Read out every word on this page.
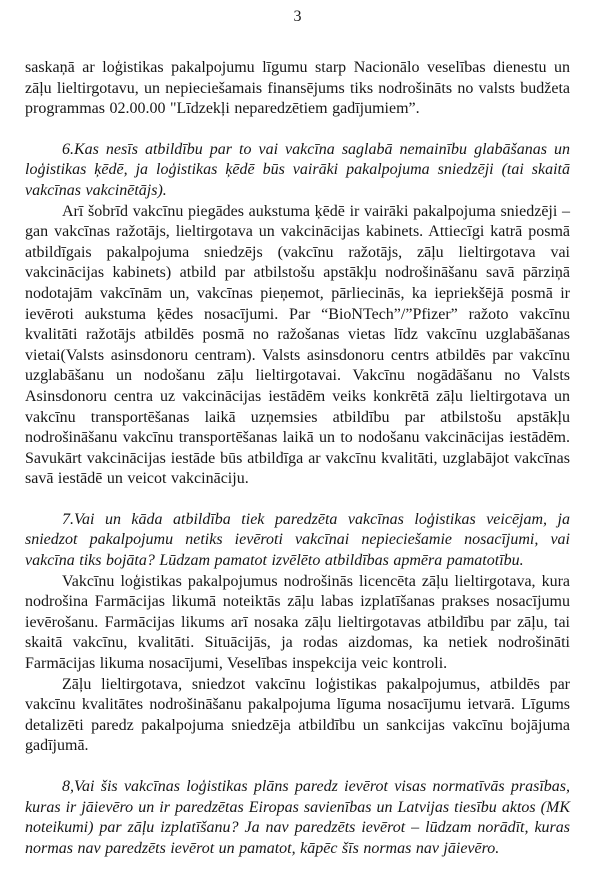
3

saskaņā ar loģistikas pakalpojumu līgumu starp Nacionālo veselības dienestu un zāļu lieltirgotavu, un nepieciešamais finansējums tiks nodrošināts no valsts budžeta programmas 02.00.00 "Līdzekļi neparedzētiem gadījumiem”.

6.Kas nesīs atbildību par to vai vakcīna saglabā nemainību glabāšanas un loģistikas ķēdē, ja loģistikas ķēdē būs vairāki pakalpojuma sniedzēji (tai skaitā vakcīnas vakcinētājs).

Arī šobrīd vakcīnu piegādes aukstuma ķēdē ir vairāki pakalpojuma sniedzēji – gan vakcīnas ražotājs, lieltirgotava un vakcinācijas kabinets. Attiecīgi katrā posmā atbildīgais pakalpojuma sniedzējs (vakcīnu ražotājs, zāļu lieltirgotava vai vakcinācijas kabinets) atbild par atbilstošu apstākļu nodrošināšanu savā pārziņā nodotajām vakcīnām un, vakcīnas pieņemot, pārliecinās, ka iepriekšējā posmā ir ievēroti aukstuma ķēdes nosacījumi. Par “BioNTech”/”Pfizer” ražoto vakcīnu kvalitāti ražotājs atbildēs posmā no ražošanas vietas līdz vakcīnu uzglabāšanas vietai(Valsts asinsdonoru centram). Valsts asinsdonoru centrs atbildēs par vakcīnu uzglabāšanu un nodošanu zāļu lieltirgotavai. Vakcīnu nogādāšanu no Valsts Asinsdonoru centra uz vakcinācijas iestādēm veiks konkrētā zāļu lieltirgotava un vakcīnu transportēšanas laikā uzņemsies atbildību par atbilstošu apstākļu nodrošināšanu vakcīnu transportēšanas laikā un to nodošanu vakcinācijas iestādēm. Savukārt vakcinācijas iestāde būs atbildīga ar vakcīnu kvalitāti, uzglabājot vakcīnas savā iestādē un veicot vakcināciju.

7.Vai un kāda atbildība tiek paredzēta vakcīnas loģistikas veicējam, ja sniedzot pakalpojumu netiks ievēroti vakcīnai nepieciešamie nosacījumi, vai vakcīna tiks bojāta? Lūdzam pamatot izvēlēto atbildības apmēra pamatotību.

Vakcīnu loģistikas pakalpojumus nodrošinās licencēta zāļu lieltirgotava, kura nodrošina Farmācijas likumā noteiktās zāļu labas izplatīšanas prakses nosacījumu ievērošanu. Farmācijas likums arī nosaka zāļu lieltirgotavas atbildību par zāļu, tai skaitā vakcīnu, kvalitāti. Situācijās, ja rodas aizdomas, ka netiek nodrošināti Farmācijas likuma nosacījumi, Veselības inspekcija veic kontroli.

Zāļu lieltirgotava, sniedzot vakcīnu loģistikas pakalpojumus, atbildēs par vakcīnu kvalitātes nodrošināšanu pakalpojuma līguma nosacījumu ietvarā. Līgums detalizēti paredz pakalpojuma sniedzēja atbildību un sankcijas vakcīnu bojājuma gadījumā.

8,Vai šis vakcīnas loģistikas plāns paredz ievērot visas normatīvās prasības, kuras ir jāievēro un ir paredzētas Eiropas savienības un Latvijas tiesību aktos (MK noteikumi) par zāļu izplatīšanu? Ja nav paredzēts ievērot – lūdzam norādīt, kuras normas nav paredzēts ievērot un pamatot, kāpēc šīs normas nav jāievēro.
